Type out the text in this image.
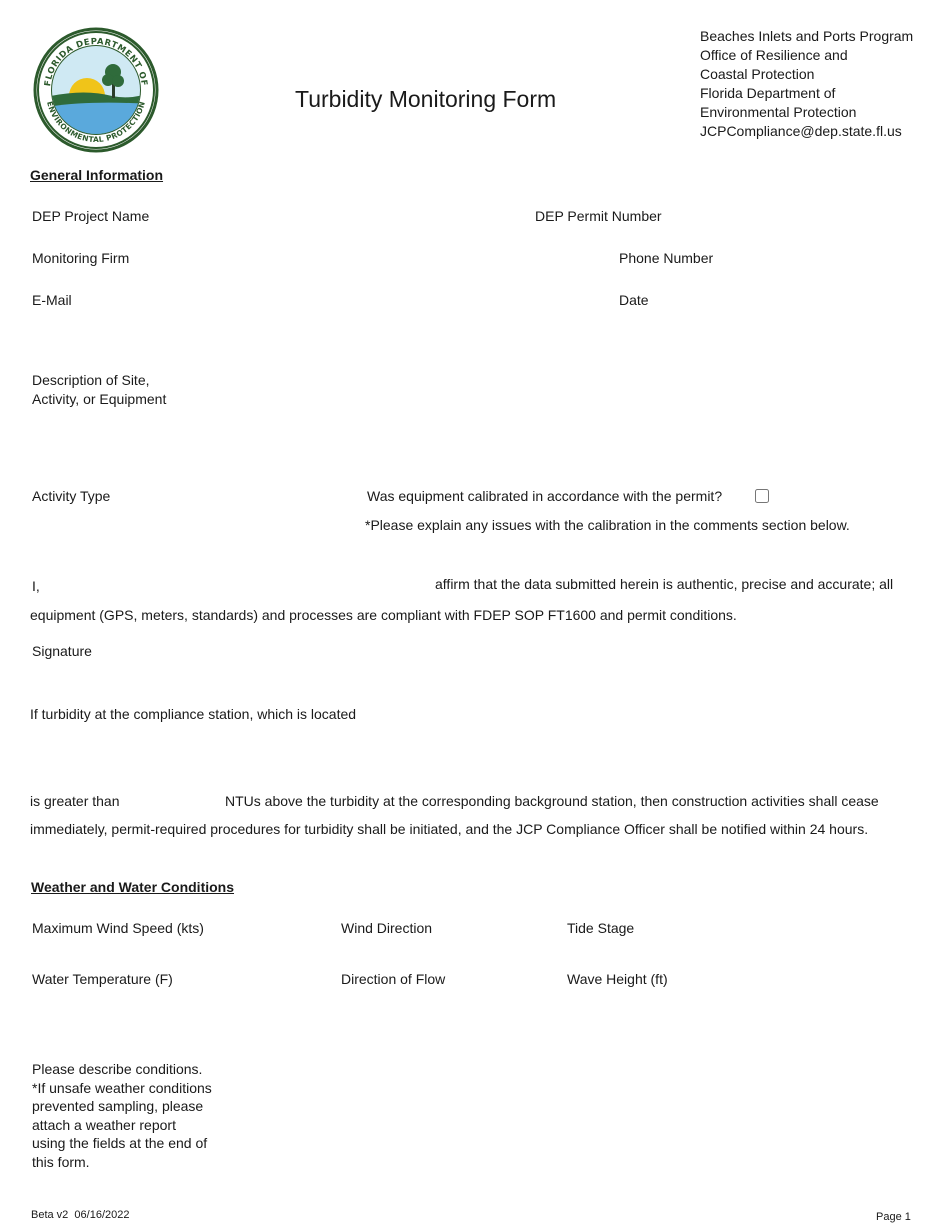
FLORIDA DEPARTMENT OF
ENVIRONMENTAL PROTECTION	Turbidity Monitoring Form
Beaches Inlets and Ports Program
Office of Resilience and
Coastal Protection
Florida Department of
Environmental Protection
JCPCompliance@dep.state.fl.us
General Information
DEP Project Name	DEP Permit Number
Monitoring Firm	Phone Number
E-Mail	Date
Description of Site, Activity, or Equipment
Activity Type	Was equipment calibrated in accordance with the permit?
*Please explain any issues with the calibration in the comments section below.
I,	affirm that the data submitted herein is authentic, precise and accurate; all
equipment (GPS, meters, standards) and processes are compliant with FDEP SOP FT1600 and permit conditions.
Signature
If turbidity at the compliance station, which is located
is greater than	NTUs above the turbidity at the corresponding background station, then construction activities shall cease
immediately, permit-required procedures for turbidity shall be initiated, and the JCP Compliance Officer shall be notified within 24 hours.
Weather and Water Conditions
Maximum Wind Speed (kts)	Wind Direction	Tide Stage
Water Temperature (F)	Direction of Flow	Wave Height (ft)
Please describe conditions. *If unsafe weather conditions prevented sampling, please attach a weather report using the fields at the end of this form.
Beta v2  06/16/2022	Page 1
